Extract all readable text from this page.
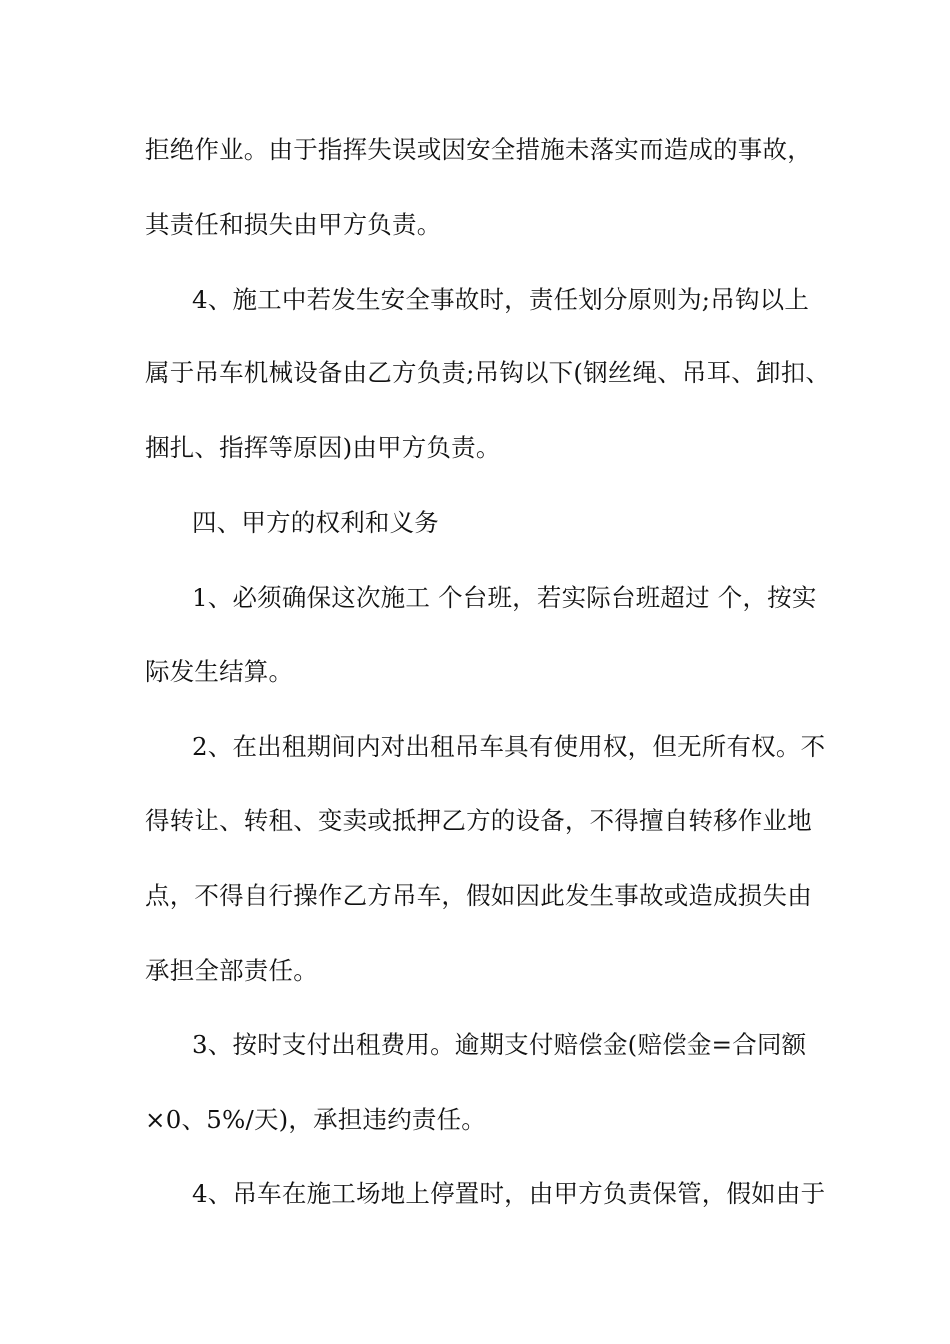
拒绝作业。由于指挥失误或因安全措施未落实而造成的事故，
其责任和损失由甲方负责。
4、施工中若发生安全事故时，责任划分原则为;吊钩以上
属于吊车机械设备由乙方负责;吊钩以下(钢丝绳、吊耳、卸扣、
捆扎、指挥等原因)由甲方负责。
四、甲方的权利和义务
1、必须确保这次施工 个台班，若实际台班超过 个，按实
际发生结算。
2、在出租期间内对出租吊车具有使用权，但无所有权。不
得转让、转租、变卖或抵押乙方的设备，不得擅自转移作业地
点，不得自行操作乙方吊车，假如因此发生事故或造成损失由
承担全部责任。
3、按时支付出租费用。逾期支付赔偿金(赔偿金=合同额
×0、5%/天)，承担违约责任。
4、吊车在施工场地上停置时，由甲方负责保管，假如由于
